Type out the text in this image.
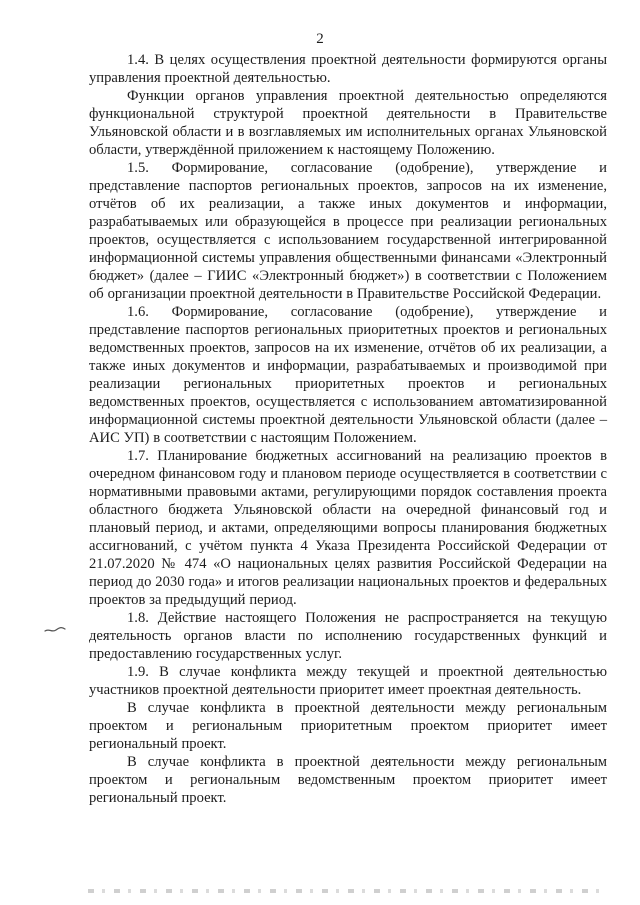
2

1.4. В целях осуществления проектной деятельности формируются органы управления проектной деятельностью.

Функции органов управления проектной деятельностью определяются функциональной структурой проектной деятельности в Правительстве Ульяновской области и в возглавляемых им исполнительных органах Ульяновской области, утверждённой приложением к настоящему Положению.

1.5. Формирование, согласование (одобрение), утверждение и представление паспортов региональных проектов, запросов на их изменение, отчётов об их реализации, а также иных документов и информации, разрабатываемых или образующейся в процессе при реализации региональных проектов, осуществляется с использованием государственной интегрированной информационной системы управления общественными финансами «Электронный бюджет» (далее – ГИИС «Электронный бюджет») в соответствии с Положением об организации проектной деятельности в Правительстве Российской Федерации.

1.6. Формирование, согласование (одобрение), утверждение и представление паспортов региональных приоритетных проектов и региональных ведомственных проектов, запросов на их изменение, отчётов об их реализации, а также иных документов и информации, разрабатываемых и производимой при реализации региональных приоритетных проектов и региональных ведомственных проектов, осуществляется с использованием автоматизированной информационной системы проектной деятельности Ульяновской области (далее – АИС УП) в соответствии с настоящим Положением.

1.7. Планирование бюджетных ассигнований на реализацию проектов в очередном финансовом году и плановом периоде осуществляется в соответствии с нормативными правовыми актами, регулирующими порядок составления проекта областного бюджета Ульяновской области на очередной финансовый год и плановый период, и актами, определяющими вопросы планирования бюджетных ассигнований, с учётом пункта 4 Указа Президента Российской Федерации от 21.07.2020 № 474 «О национальных целях развития Российской Федерации на период до 2030 года» и итогов реализации национальных проектов и федеральных проектов за предыдущий период.

1.8. Действие настоящего Положения не распространяется на текущую деятельность органов власти по исполнению государственных функций и предоставлению государственных услуг.

1.9. В случае конфликта между текущей и проектной деятельностью участников проектной деятельности приоритет имеет проектная деятельность.

В случае конфликта в проектной деятельности между региональным проектом и региональным приоритетным проектом приоритет имеет региональный проект.

В случае конфликта в проектной деятельности между региональным проектом и региональным ведомственным проектом приоритет имеет региональный проект.
